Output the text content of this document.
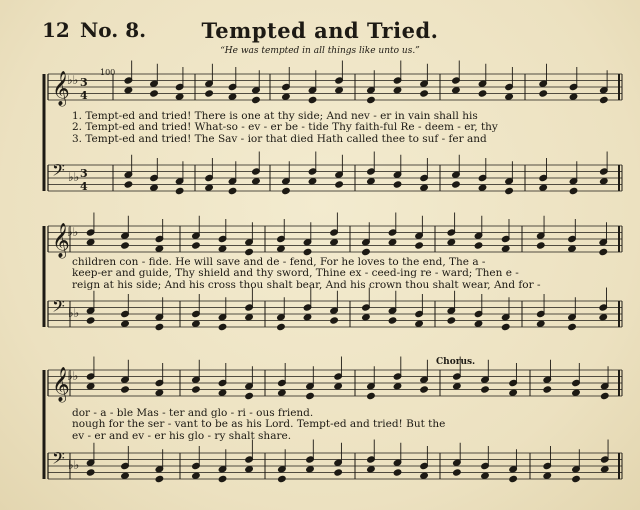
12 No. 8.	Tempted and Tried.
“He was tempted in all things like unto us.”
100
𝄞
♭♭ 3
4
𝄢 ♭♭ 3
4
𝄞
♭♭
𝄢 ♭♭
𝄞
♭♭
𝄢 ♭♭
1. Tempt-ed and tried! There is one at thy side; And nev - er in vain shall his
2. Tempt-ed and tried! What-so - ev - er be - tide Thy faith-ful Re - deem - er, thy
3. Tempt-ed and tried! The Sav - ior that died Hath called thee to suf - fer and
children con - fide. He will save and de - fend, For he loves to the end, The a -
keep-er and guide, Thy shield and thy sword, Thine ex - ceed-ing re - ward; Then e -
reign at his side; And his cross thou shalt bear, And his crown thou shalt wear, And for -
dor - a - ble Mas - ter and glo - ri - ous friend.
nough for the ser - vant to be as his Lord. Tempt-ed and tried! But the
ev - er and ev - er his glo - ry shalt share.
Chorus.
